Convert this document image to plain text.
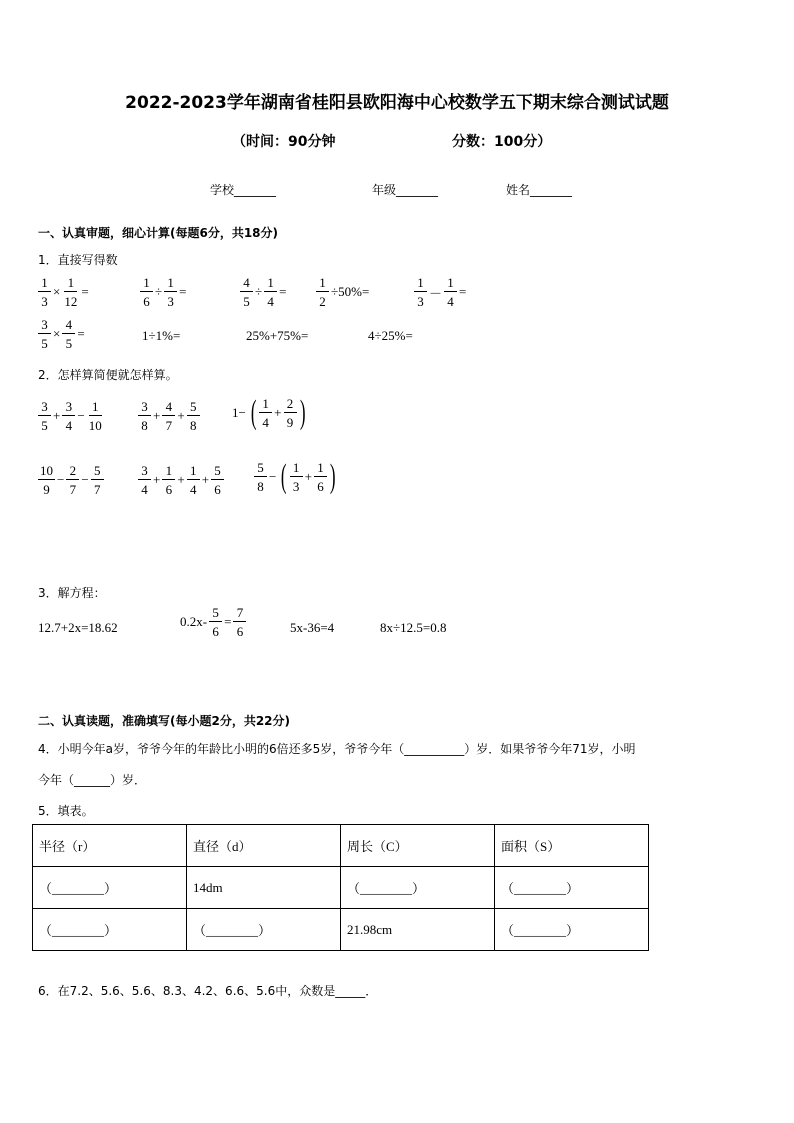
2022-2023学年湖南省桂阳县欧阳海中心校数学五下期末综合测试试题
（时间：90分钟	分数：100分）
学校_______	年级_______	姓名_______
一、认真审题，细心计算(每题6分，共18分)
1．直接写得数
$\frac{1}{3} \times \frac{1}{12}$ =	$\frac{1}{6} \div \frac{1}{3}$ =	$\frac{4}{5} \div \frac{1}{4} = \frac{1}{2} \div 50\%=$	$\frac{1}{3} - \frac{1}{4}$ =
$\frac{3}{5} \times \frac{4}{5}$ =	1÷1%=	25%+75%=	4÷25%=
2．怎样算简便就怎样算。
$\frac{3}{5} + \frac{3}{4} - \frac{1}{10}$	$\frac{3}{8} + \frac{4}{7} + \frac{5}{8} 1-$ ( $\frac{1}{4} + \frac{2}{9}$ )
$\frac{10}{9} - \frac{2}{7} - \frac{5}{7}$	$\frac{3}{4} + \frac{1}{6} + \frac{1}{4} + \frac{5}{6} \frac{5}{8}$ − ( $\frac{1}{3} + \frac{1}{6}$ )
3．解方程：
12.7+2x=18.62	$0.2x- \frac{5}{6} = \frac{7}{6}$	5x-36=4	8x÷12.5=0.8
二、认真读题，准确填写(每小题2分，共22分)
4．小明今年a岁，爷爷今年的年龄比小明的6倍还多5岁，爷爷今年（__________）岁．如果爷爷今年71岁，小明
今年（______）岁．
5．填表。
半径（r）	直径（d）	周长（C）	面积（S）
（________）	14dm	（________）	（________）
（________）	（________）	21.98cm	（________）
6．在7.2、5.6、5.6、8.3、4.2、6.6、5.6中，众数是_____．
